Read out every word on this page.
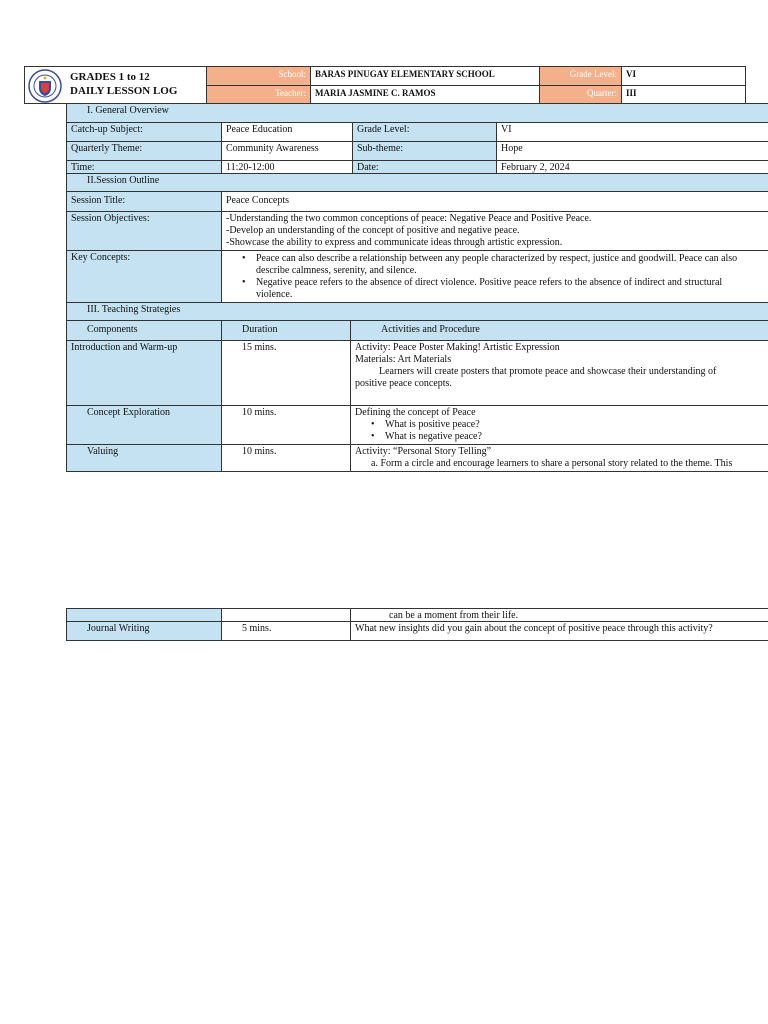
GRADES 1 to 12
DAILY LESSON LOG
School:	BARAS PINUGAY ELEMENTARY SCHOOL	Grade Level:	VI
Teacher:	MARIA JASMINE C. RAMOS	Quarter:	III
I. General Overview
Catch-up Subject:	Peace Education	Grade Level:	VI
Quarterly Theme:	Community Awareness	Sub-theme:	Hope
Time:	11:20-12:00	Date:	February 2, 2024
II.Session Outline
Session Title:	Peace Concepts
Session Objectives:	-Understanding the two common conceptions of peace: Negative Peace and Positive Peace.
-Develop an understanding of the concept of positive and negative peace.
-Showcase the ability to express and communicate ideas through artistic expression.
Key Concepts:
•	Peace can also describe a relationship between any people characterized by respect, justice and goodwill. Peace can also
describe calmness, serenity, and silence.
• Negative peace refers to the absence of direct violence. Positive peace refers to the absence of indirect and structural
violence.
III. Teaching Strategies
Components	Duration	Activities and Procedure
Introduction and Warm-up	15 mins.	Activity: Peace Poster Making! Artistic Expression
Materials: Art Materials
Learners will create posters that promote peace and showcase their understanding of
positive peace concepts.
Concept Exploration	10 mins.	Defining the concept of Peace
• What is positive peace?
• What is negative peace?
Valuing	10 mins.	Activity: “Personal Story Telling”
a. Form a circle and encourage learners to share a personal story related to the theme. This
can be a moment from their life.
Journal Writing	5 mins.	What new insights did you gain about the concept of positive peace through this activity?
